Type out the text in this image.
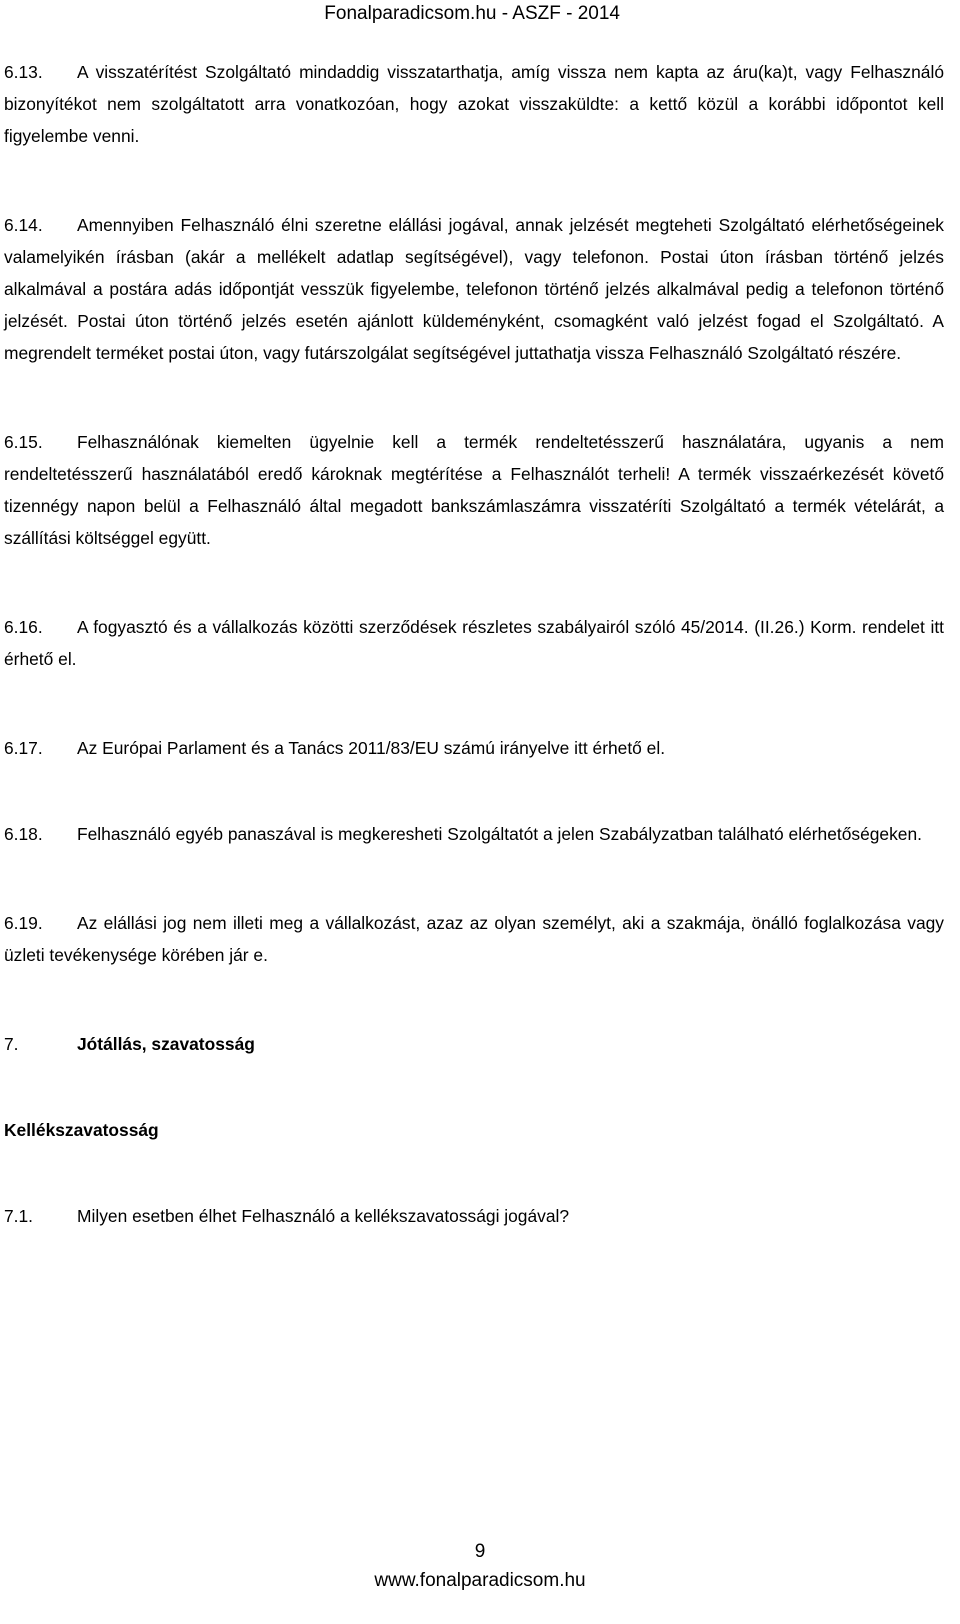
Fonalparadicsom.hu - ASZF - 2014

6.13. A visszatérítést Szolgáltató mindaddig visszatarthatja, amíg vissza nem kapta az áru(ka)t, vagy Felhasználó bizonyítékot nem szolgáltatott arra vonatkozóan, hogy azokat visszaküldte: a kettő közül a korábbi időpontot kell figyelembe venni.

6.14. Amennyiben Felhasználó élni szeretne elállási jogával, annak jelzését megteheti Szolgáltató elérhetőségeinek valamelyikén írásban (akár a mellékelt adatlap segítségével), vagy telefonon. Postai úton írásban történő jelzés alkalmával a postára adás időpontját vesszük figyelembe, telefonon történő jelzés alkalmával pedig a telefonon történő jelzését. Postai úton történő jelzés esetén ajánlott küldeményként, csomagként való jelzést fogad el Szolgáltató. A megrendelt terméket postai úton, vagy futárszolgálat segítségével juttathatja vissza Felhasználó Szolgáltató részére.

6.15. Felhasználónak kiemelten ügyelnie kell a termék rendeltetésszerű használatára, ugyanis a nem rendeltetésszerű használatából eredő károknak megtérítése a Felhasználót terheli! A termék visszaérkezését követő tizennégy napon belül a Felhasználó által megadott bankszámlaszámra visszatéríti Szolgáltató a termék vételárát, a szállítási költséggel együtt.

6.16. A fogyasztó és a vállalkozás közötti szerződések részletes szabályairól szóló 45/2014. (II.26.) Korm. rendelet itt érhető el.

6.17. Az Európai Parlament és a Tanács 2011/83/EU számú irányelve itt érhető el.

6.18. Felhasználó egyéb panaszával is megkeresheti Szolgáltatót a jelen Szabályzatban található elérhetőségeken.

6.19. Az elállási jog nem illeti meg a vállalkozást, azaz az olyan személyt, aki a szakmája, önálló foglalkozása vagy üzleti tevékenysége körében jár e.

7.	Jótállás, szavatosság

Kellékszavatosság

7.1.	Milyen esetben élhet Felhasználó a kellékszavatossági jogával?

9
www.fonalparadicsom.hu
